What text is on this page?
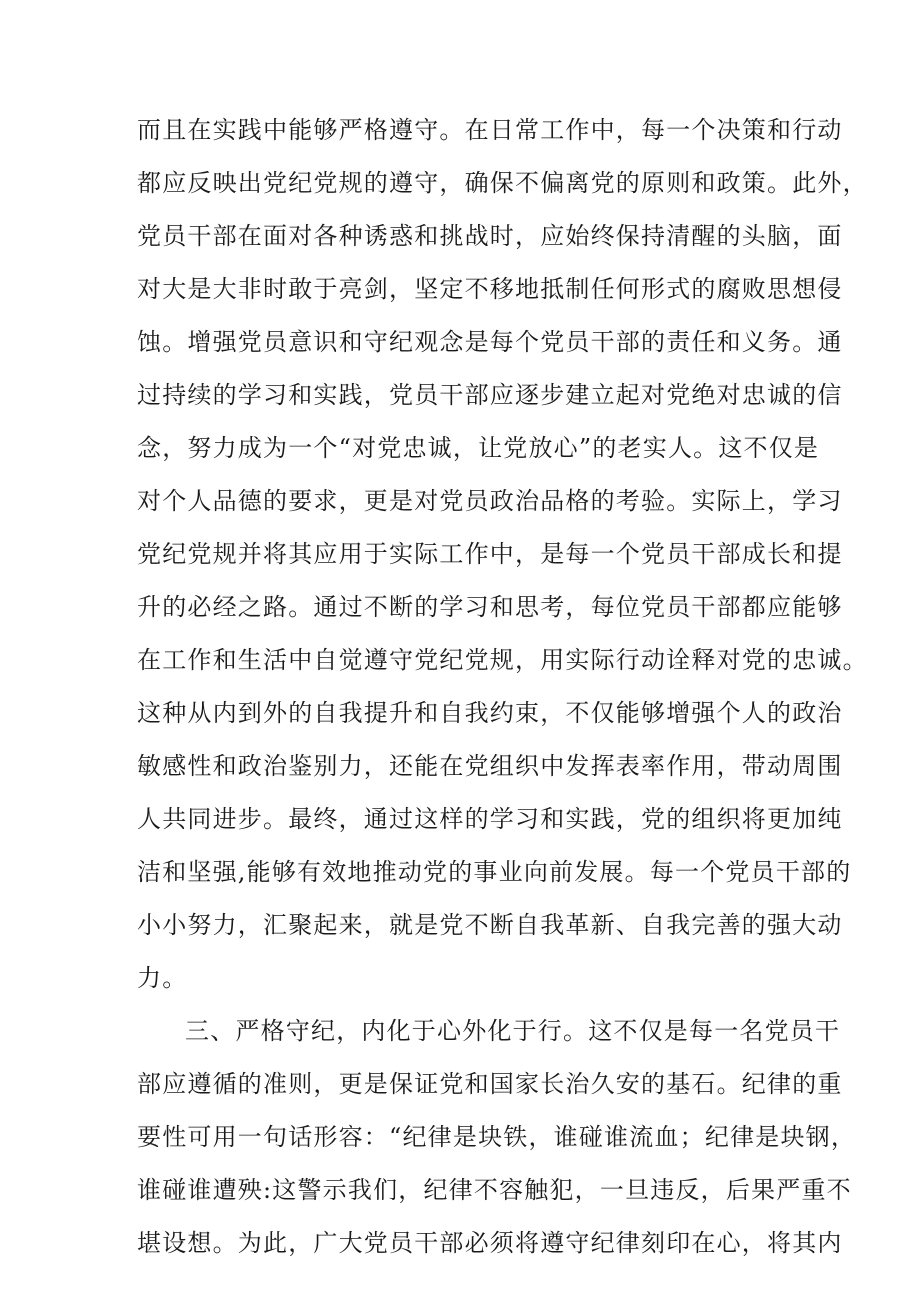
而且在实践中能够严格遵守。在日常工作中，每一个决策和行动
都应反映出党纪党规的遵守，确保不偏离党的原则和政策。此外，
党员干部在面对各种诱惑和挑战时，应始终保持清醒的头脑，面
对大是大非时敢于亮剑，坚定不移地抵制任何形式的腐败思想侵
蚀。增强党员意识和守纪观念是每个党员干部的责任和义务。通
过持续的学习和实践，党员干部应逐步建立起对党绝对忠诚的信
念，努力成为一个“对党忠诚，让党放心”的老实人。这不仅是
对个人品德的要求，更是对党员政治品格的考验。实际上，学习
党纪党规并将其应用于实际工作中，是每一个党员干部成长和提
升的必经之路。通过不断的学习和思考，每位党员干部都应能够
在工作和生活中自觉遵守党纪党规，用实际行动诠释对党的忠诚。
这种从内到外的自我提升和自我约束，不仅能够增强个人的政治
敏感性和政治鉴别力，还能在党组织中发挥表率作用，带动周围
人共同进步。最终，通过这样的学习和实践，党的组织将更加纯
洁和坚强,能够有效地推动党的事业向前发展。每一个党员干部的
小小努力，汇聚起来，就是党不断自我革新、自我完善的强大动
力。
三、严格守纪，内化于心外化于行。这不仅是每一名党员干
部应遵循的准则，更是保证党和国家长治久安的基石。纪律的重
要性可用一句话形容：“纪律是块铁，谁碰谁流血；纪律是块钢，
谁碰谁遭殃:这警示我们，纪律不容触犯，一旦违反，后果严重不
堪设想。为此，广大党员干部必须将遵守纪律刻印在心，将其内
